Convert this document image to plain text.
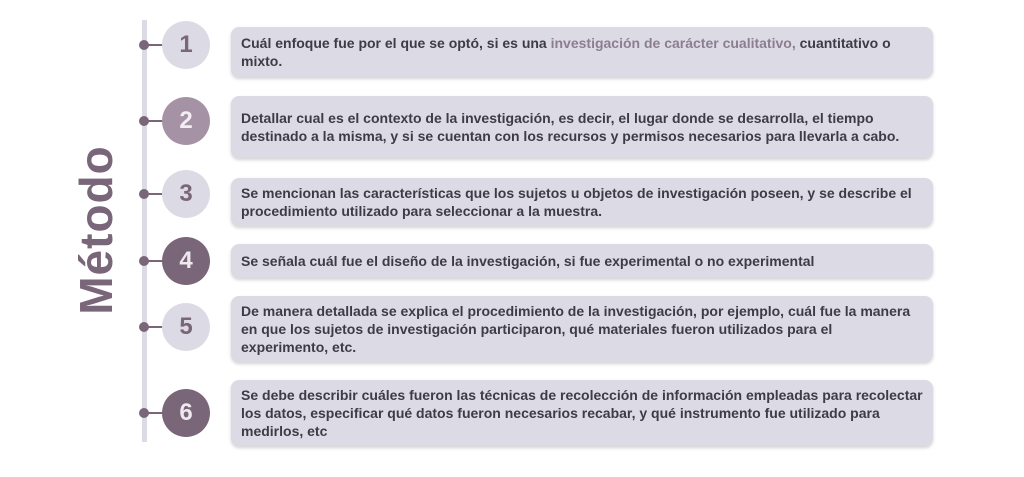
Método
1	Cuál enfoque fue por el que se optó, si es una investigación de carácter cualitativo, cuantitativo o mixto.
2	Detallar cual es el contexto de la investigación, es decir, el lugar donde se desarrolla, el tiempo destinado a la misma, y si se cuentan con los recursos y permisos necesarios para llevarla a cabo.
3	Se mencionan las características que los sujetos u objetos de investigación poseen, y se describe el procedimiento utilizado para seleccionar a la muestra.
4	Se señala cuál fue el diseño de la investigación, si fue experimental o no experimental
5
De manera detallada se explica el procedimiento de la investigación, por ejemplo, cuál fue la manera en que los sujetos de investigación participaron, qué materiales fueron utilizados para el experimento, etc.
6
Se debe describir cuáles fueron las técnicas de recolección de información empleadas para recolectar los datos, especificar qué datos fueron necesarios recabar, y qué instrumento fue utilizado para medirlos, etc
